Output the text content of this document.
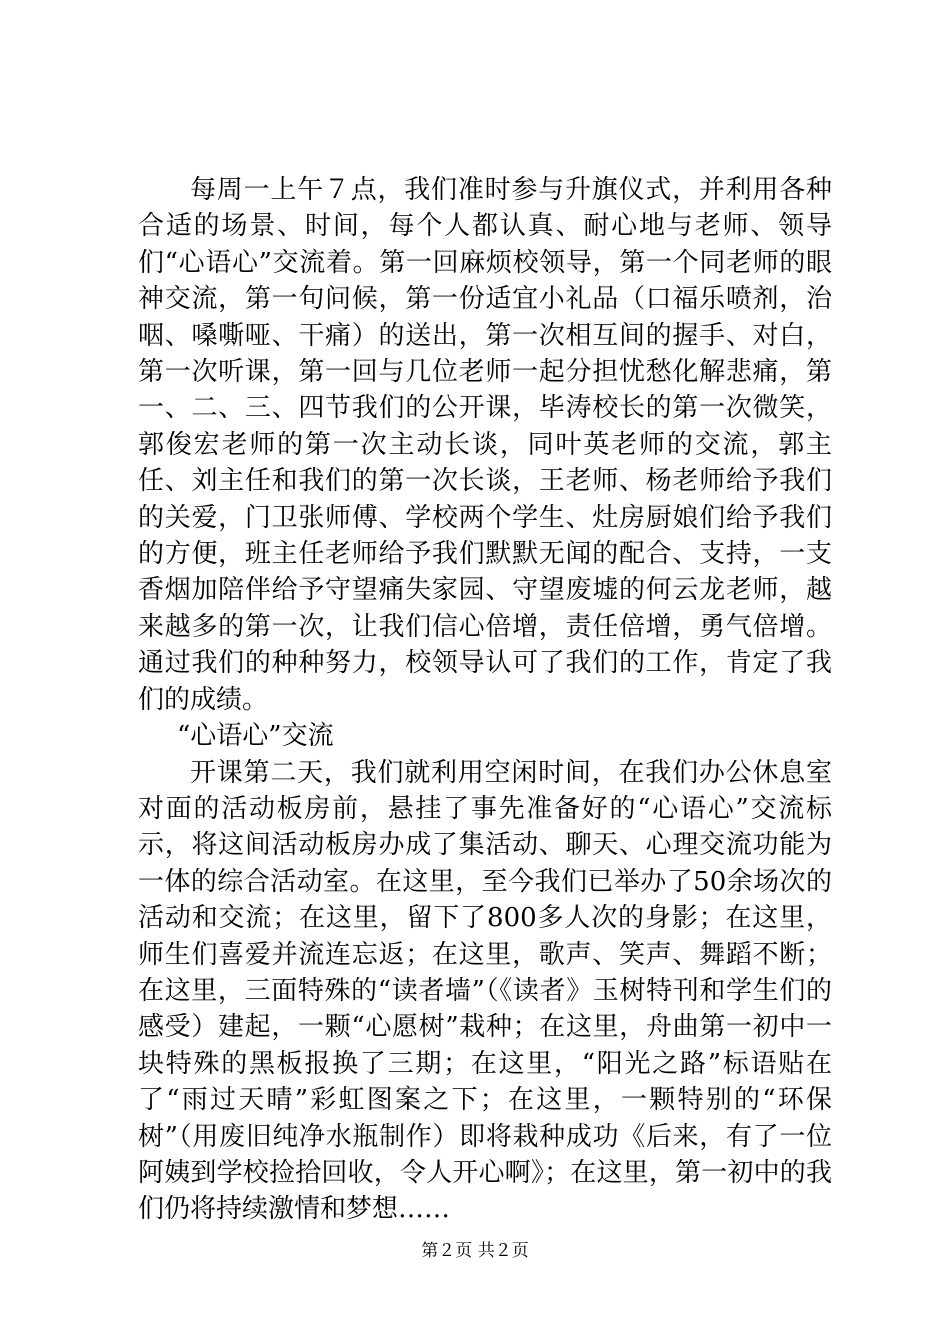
每周一上午７点，我们准时参与升旗仪式，并利用各种合适的场景、时间，每个人都认真、耐心地与老师、领导们“心语心”交流着。第一回麻烦校领导，第一个同老师的眼神交流，第一句问候，第一份适宜小礼品（口福乐喷剂，治咽、嗓嘶哑、干痛）的送出，第一次相互间的握手、对白，第一次听课，第一回与几位老师一起分担忧愁化解悲痛，第一、二、三、四节我们的公开课，毕涛校长的第一次微笑，郭俊宏老师的第一次主动长谈，同叶英老师的交流，郭主任、刘主任和我们的第一次长谈，王老师、杨老师给予我们的关爱，门卫张师傅、学校两个学生、灶房厨娘们给予我们的方便，班主任老师给予我们默默无闻的配合、支持，一支香烟加陪伴给予守望痛失家园、守望废墟的何云龙老师，越来越多的第一次，让我们信心倍增，责任倍增，勇气倍增。通过我们的种种努力，校领导认可了我们的工作，肯定了我们的成绩。

“心语心”交流

开课第二天，我们就利用空闲时间，在我们办公休息室对面的活动板房前，悬挂了事先准备好的“心语心”交流标示，将这间活动板房办成了集活动、聊天、心理交流功能为一体的综合活动室。在这里，至今我们已举办了50余场次的活动和交流；在这里，留下了800多人次的身影；在这里，师生们喜爱并流连忘返；在这里，歌声、笑声、舞蹈不断；在这里，三面特殊的“读者墙”（《读者》玉树特刊和学生们的感受）建起，一颗“心愿树”栽种；在这里，舟曲第一初中一块特殊的黑板报换了三期；在这里，“阳光之路”标语贴在了“雨过天晴”彩虹图案之下；在这里，一颗特别的“环保树”（用废旧纯净水瓶制作）即将栽种成功《后来，有了一位阿姨到学校捡拾回收，令人开心啊》；在这里，第一初中的我们仍将持续激情和梦想……

第２页 共２页
